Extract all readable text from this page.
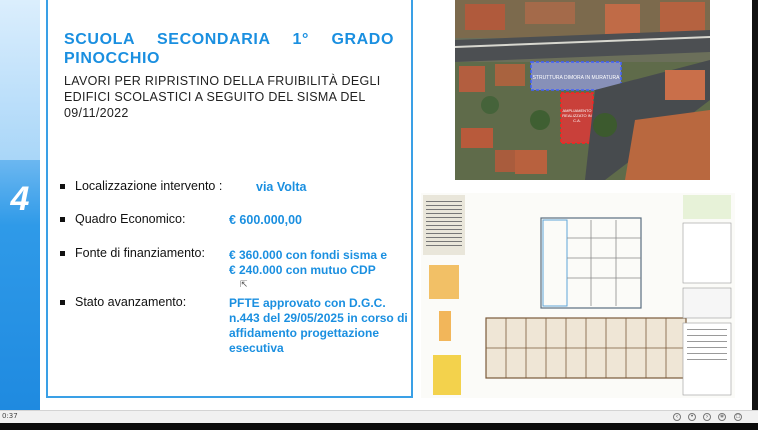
4
SCUOLA SECONDARIA 1° GRADO PINOCCHIO
LAVORI PER RIPRISTINO DELLA FRUIBILITÀ DEGLI EDIFICI SCOLASTICI A SEGUITO DEL SISMA DEL 09/11/2022
Localizzazione intervento :	via Volta
Quadro Economico:	€ 600.000,00
Fonte di finanziamento: € 360.000 con fondi sisma e
€ 240.000 con mutuo CDP
⇱
Stato avanzamento:	PFTE approvato con D.G.C.
n.443 del 29/05/2025 in corso di
affidamento progettazione
esecutiva
STRUTTURA DIMORA IN MURATURA
AMPLIAMENTO REALIZZATO IN C.A.
0:37	‹	•	›	∗	□
